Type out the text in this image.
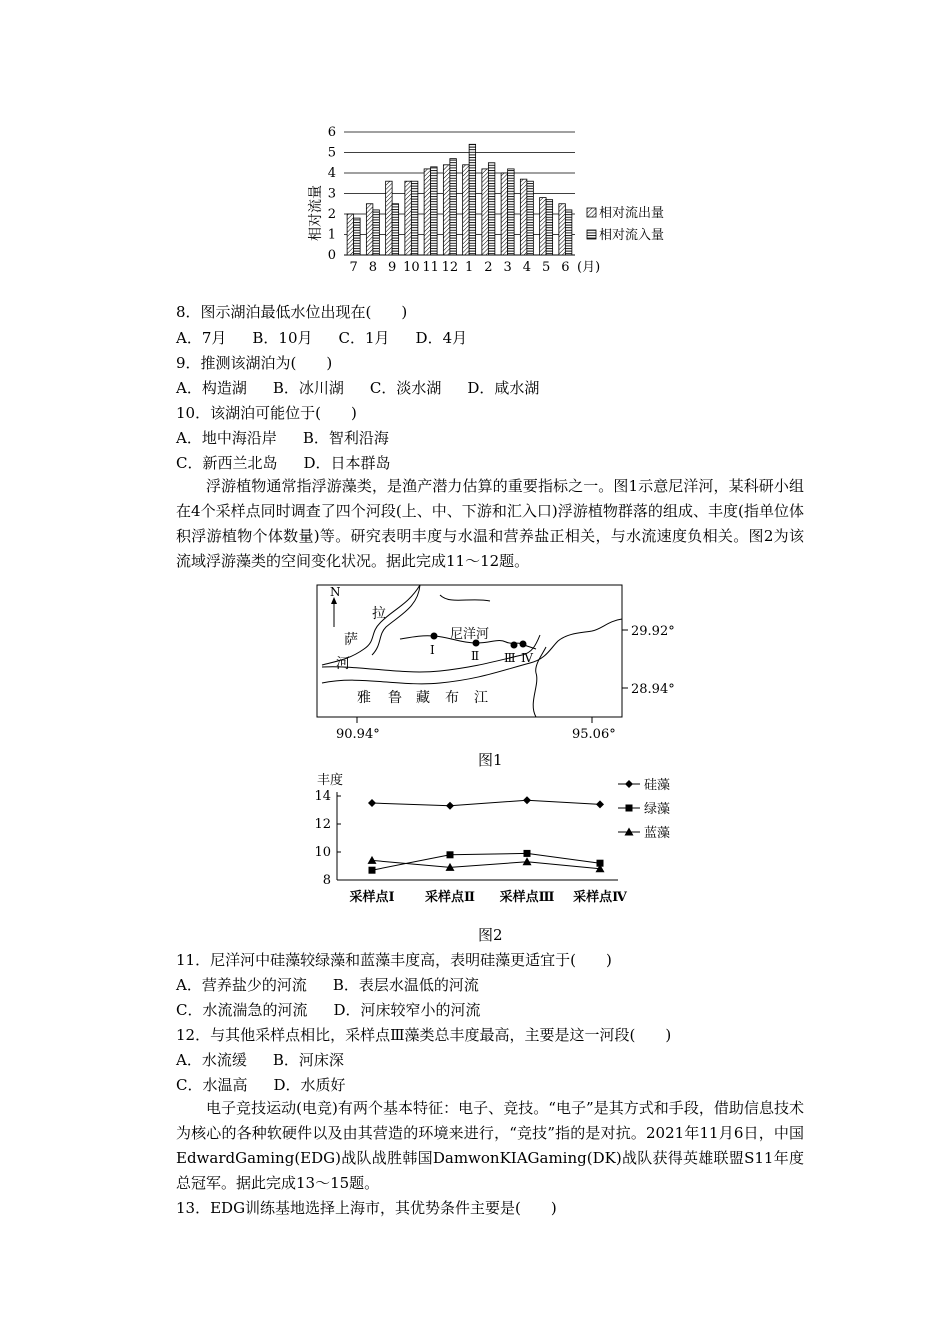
0
1
2
3
4
5
6
7 8 9 10 11 12 1 2 3 4 5 6
相对流量
(月)
相对流出量
相对流入量
8．图示湖泊最低水位出现在(　　)
A．7月 B．10月 C．1月 D．4月
9．推测该湖泊为(　　)
A．构造湖 B．冰川湖 C．淡水湖 D．咸水湖
10．该湖泊可能位于(　　)
A．地中海沿岸 B．智利沿海
C．新西兰北岛 D．日本群岛
浮游植物通常指浮游藻类，是渔产潜力估算的重要指标之一。图1示意尼洋河，某科研小组在4个采样点同时调查了四个河段(上、中、下游和汇入口)浮游植物群落的组成、丰度(指单位体积浮游植物个体数量)等。研究表明丰度与水温和营养盐正相关，与水流速度负相关。图2为该流域浮游藻类的空间变化状况。据此完成11～12题。
N
I	Ⅱ Ⅲ Ⅳ
尼洋河
拉
萨
河
雅 鲁 藏 布 江
29.92°
28.94°
90.94°	95.06°
图1
8
10
12
14
采样点Ⅰ 采样点Ⅱ 采样点Ⅲ 采样点Ⅳ
硅藻
绿藻
蓝藻
丰度
图2
11．尼洋河中硅藻较绿藻和蓝藻丰度高，表明硅藻更适宜于(　　)
A．营养盐少的河流 B．表层水温低的河流
C．水流湍急的河流 D．河床较窄小的河流
12．与其他采样点相比，采样点Ⅲ藻类总丰度最高，主要是这一河段(　　)
A．水流缓 B．河床深
C．水温高 D．水质好
电子竞技运动(电竞)有两个基本特征：电子、竞技。“电子”是其方式和手段，借助信息技术为核心的各种软硬件以及由其营造的环境来进行，“竞技”指的是对抗。2021年11月6日，中国EdwardGaming(EDG)战队战胜韩国DamwonKIAGaming(DK)战队获得英雄联盟S11年度总冠军。据此完成13～15题。
13．EDG训练基地选择上海市，其优势条件主要是(　　)
